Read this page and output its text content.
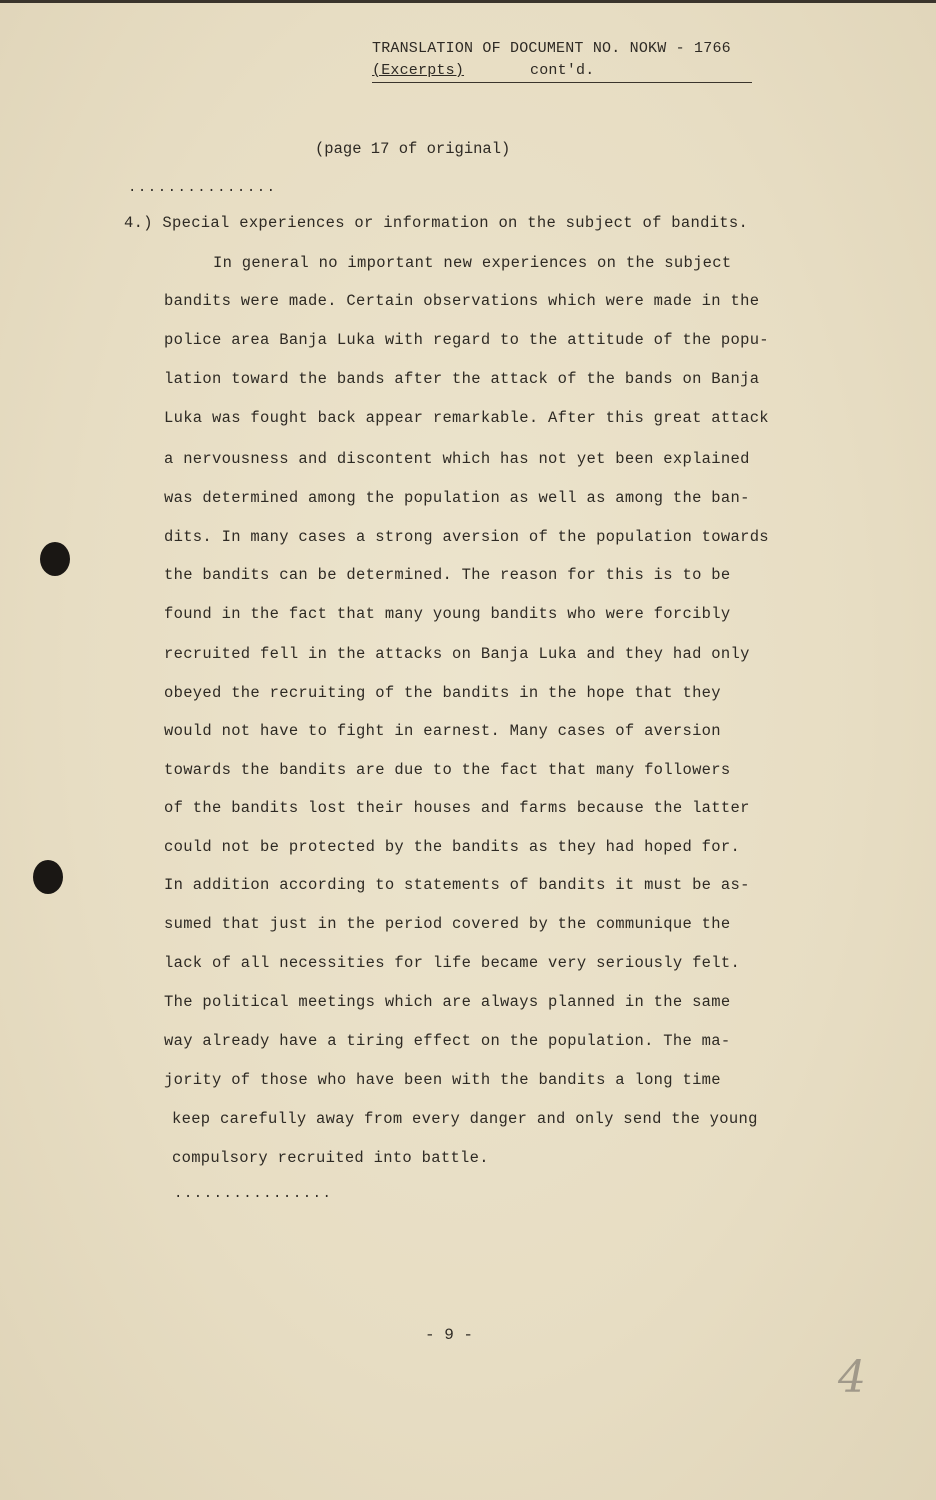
TRANSLATION OF DOCUMENT NO. NOKW - 1766
(Excerpts)	cont'd.
(page 17 of original)
...............
4.) Special experiences or information on the subject of bandits.
In general no important new experiences on the subject
bandits were made. Certain observations which were made in the
police area Banja Luka with regard to the attitude of the popu-
lation toward the bands after the attack of the bands on Banja
Luka was fought back appear remarkable. After this great attack
a nervousness and discontent which has not yet been explained
was determined among the population as well as among the ban-
dits. In many cases a strong aversion of the population towards
the bandits can be determined. The reason for this is to be
found in the fact that many young bandits who were forcibly
recruited fell in the attacks on Banja Luka and they had only
obeyed the recruiting of the bandits in the hope that they
would not have to fight in earnest. Many cases of aversion
towards the bandits are due to the fact that many followers
of the bandits lost their houses and farms because the latter
could not be protected by the bandits as they had hoped for.
In addition according to statements of bandits it must be as-
sumed that just in the period covered by the communique the
lack of all necessities for life became very seriously felt.
The political meetings which are always planned in the same
way already have a tiring effect on the population. The ma-
jority of those who have been with the bandits a long time
keep carefully away from every danger and only send the young
compulsory recruited into battle.
................
- 9 -
4
